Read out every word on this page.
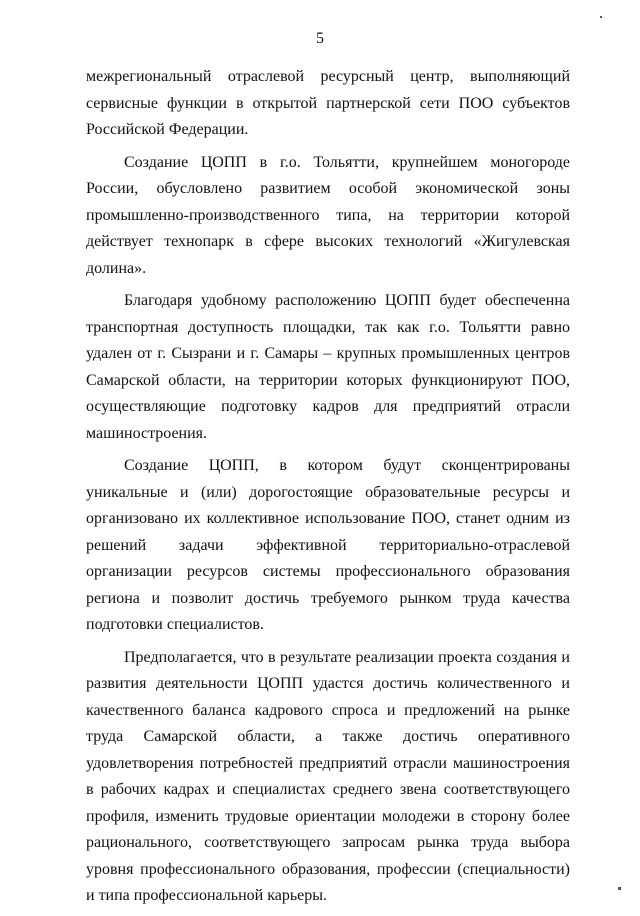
5

межрегиональный отраслевой ресурсный центр, выполняющий сервисные функции в открытой партнерской сети ПОО субъектов Российской Федерации.

Создание ЦОПП в г.о. Тольятти, крупнейшем моногороде России, обусловлено развитием особой экономической зоны промышленно-производственного типа, на территории которой действует технопарк в сфере высоких технологий «Жигулевская долина».

Благодаря удобному расположению ЦОПП будет обеспеченна транспортная доступность площадки, так как г.о. Тольятти равно удален от г. Сызрани и г. Самары – крупных промышленных центров Самарской области, на территории которых функционируют ПОО, осуществляющие подготовку кадров для предприятий отрасли машиностроения.

Создание ЦОПП, в котором будут сконцентрированы уникальные и (или) дорогостоящие образовательные ресурсы и организовано их коллективное использование ПОО, станет одним из решений задачи эффективной территориально-отраслевой организации ресурсов системы профессионального образования региона и позволит достичь требуемого рынком труда качества подготовки специалистов.

Предполагается, что в результате реализации проекта создания и развития деятельности ЦОПП удастся достичь количественного и качественного баланса кадрового спроса и предложений на рынке труда Самарской области, а также достичь оперативного удовлетворения потребностей предприятий отрасли машиностроения в рабочих кадрах и специалистах среднего звена соответствующего профиля, изменить трудовые ориентации молодежи в сторону более рационального, соответствующего запросам рынка труда выбора уровня профессионального образования, профессии (специальности) и типа профессиональной карьеры.
